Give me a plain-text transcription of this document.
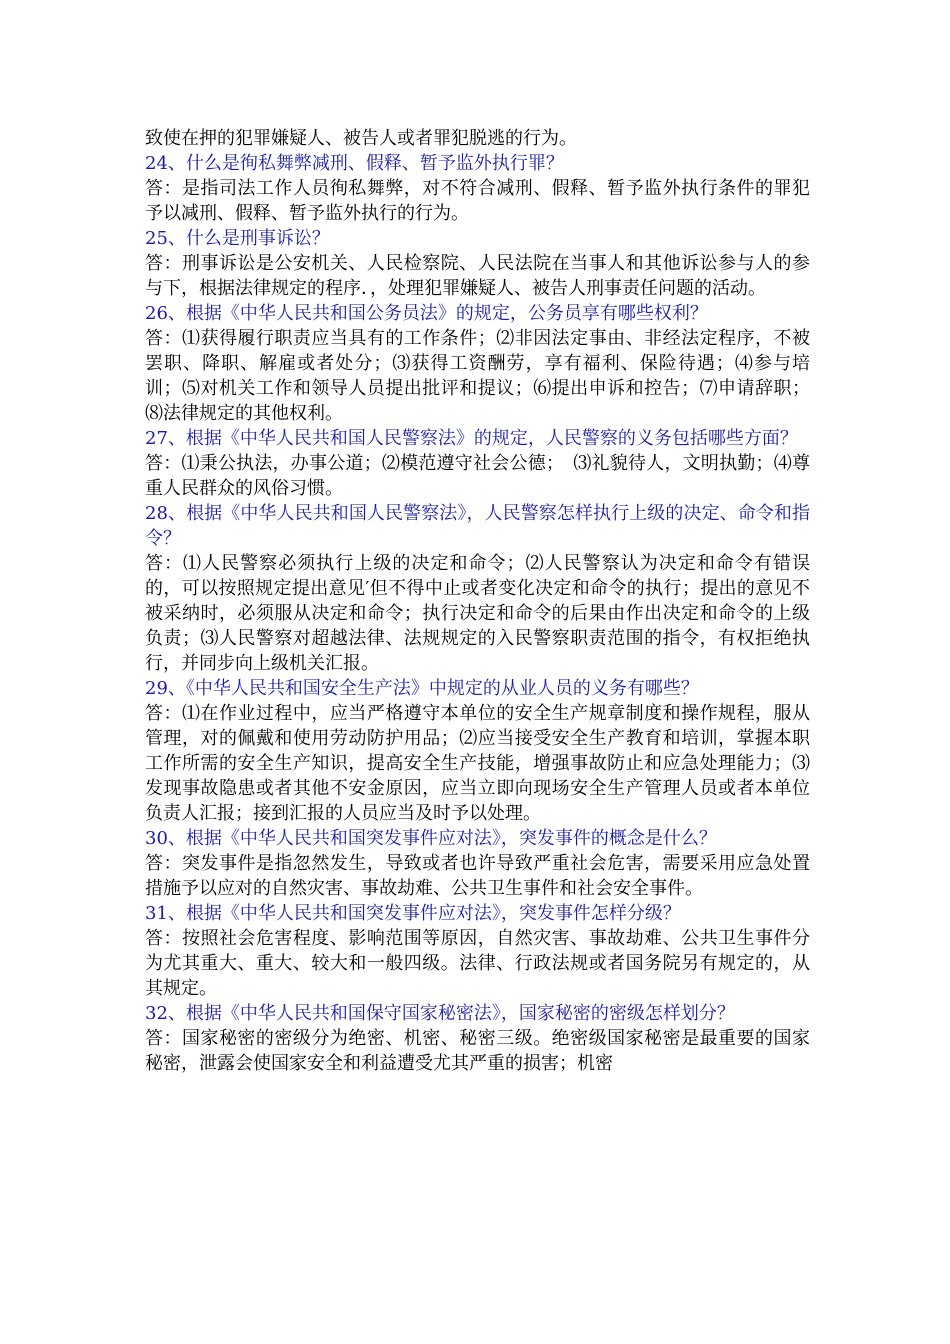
致使在押的犯罪嫌疑人、被告人或者罪犯脱逃的行为。

24、什么是徇私舞弊减刑、假释、暂予监外执行罪？

答：是指司法工作人员徇私舞弊，对不符合减刑、假释、暂予监外执行条件的罪犯予以减刑、假释、暂予监外执行的行为。

25、什么是刑事诉讼？

答：刑事诉讼是公安机关、人民检察院、人民法院在当事人和其他诉讼参与人的参与下，根据法律规定的程序．，处理犯罪嫌疑人、被告人刑事责任问题的活动。

26、根据《中华人民共和国公务员法》的规定，公务员享有哪些权利？

答：⑴获得履行职责应当具有的工作条件；⑵非因法定事由、非经法定程序，不被罢职、降职、解雇或者处分；⑶获得工资酬劳，享有福利、保险待遇；⑷参与培训；⑸对机关工作和领导人员提出批评和提议；⑹提出申诉和控告；⑺申请辞职；⑻法律规定的其他权利。

27、根据《中华人民共和国人民警察法》的规定，人民警察的义务包括哪些方面？

答：⑴秉公执法，办事公道；⑵模范遵守社会公德；　⑶礼貌待人，文明执勤；⑷尊重人民群众的风俗习惯。

28、根据《中华人民共和国人民警察法》，人民警察怎样执行上级的决定、命令和指令？

答：⑴人民警察必须执行上级的决定和命令；⑵人民警察认为决定和命令有错误的，可以按照规定提出意见′但不得中止或者变化决定和命令的执行；提出的意见不被采纳时，必须服从决定和命令；执行决定和命令的后果由作出决定和命令的上级负责；⑶人民警察对超越法律、法规规定的入民警察职责范围的指令，有权拒绝执行，并同步向上级机关汇报。

29、《中华人民共和国安全生产法》中规定的从业人员的义务有哪些？

答：⑴在作业过程中，应当严格遵守本单位的安全生产规章制度和操作规程，服从管理，对的佩戴和使用劳动防护用品；⑵应当接受安全生产教育和培训，掌握本职工作所需的安全生产知识，提高安全生产技能，增强事故防止和应急处理能力；⑶发现事故隐患或者其他不安金原因，应当立即向现场安全生产管理人员或者本单位负责人汇报；接到汇报的人员应当及时予以处理。

30、根据《中华人民共和国突发事件应对法》，突发事件的概念是什么？

答：突发事件是指忽然发生，导致或者也许导致严重社会危害，需要采用应急处置措施予以应对的自然灾害、事故劫难、公共卫生事件和社会安全事件。

31、根据《中华人民共和国突发事件应对法》，突发事件怎样分级？

答：按照社会危害程度、影响范围等原因，自然灾害、事故劫难、公共卫生事件分为尤其重大、重大、较大和一般四级。法律、行政法规或者国务院另有规定的，从其规定。

32、根据《中华人民共和国保守国家秘密法》，国家秘密的密级怎样划分？

答：国家秘密的密级分为绝密、机密、秘密三级。绝密级国家秘密是最重要的国家秘密，泄露会使国家安全和利益遭受尤其严重的损害；机密
